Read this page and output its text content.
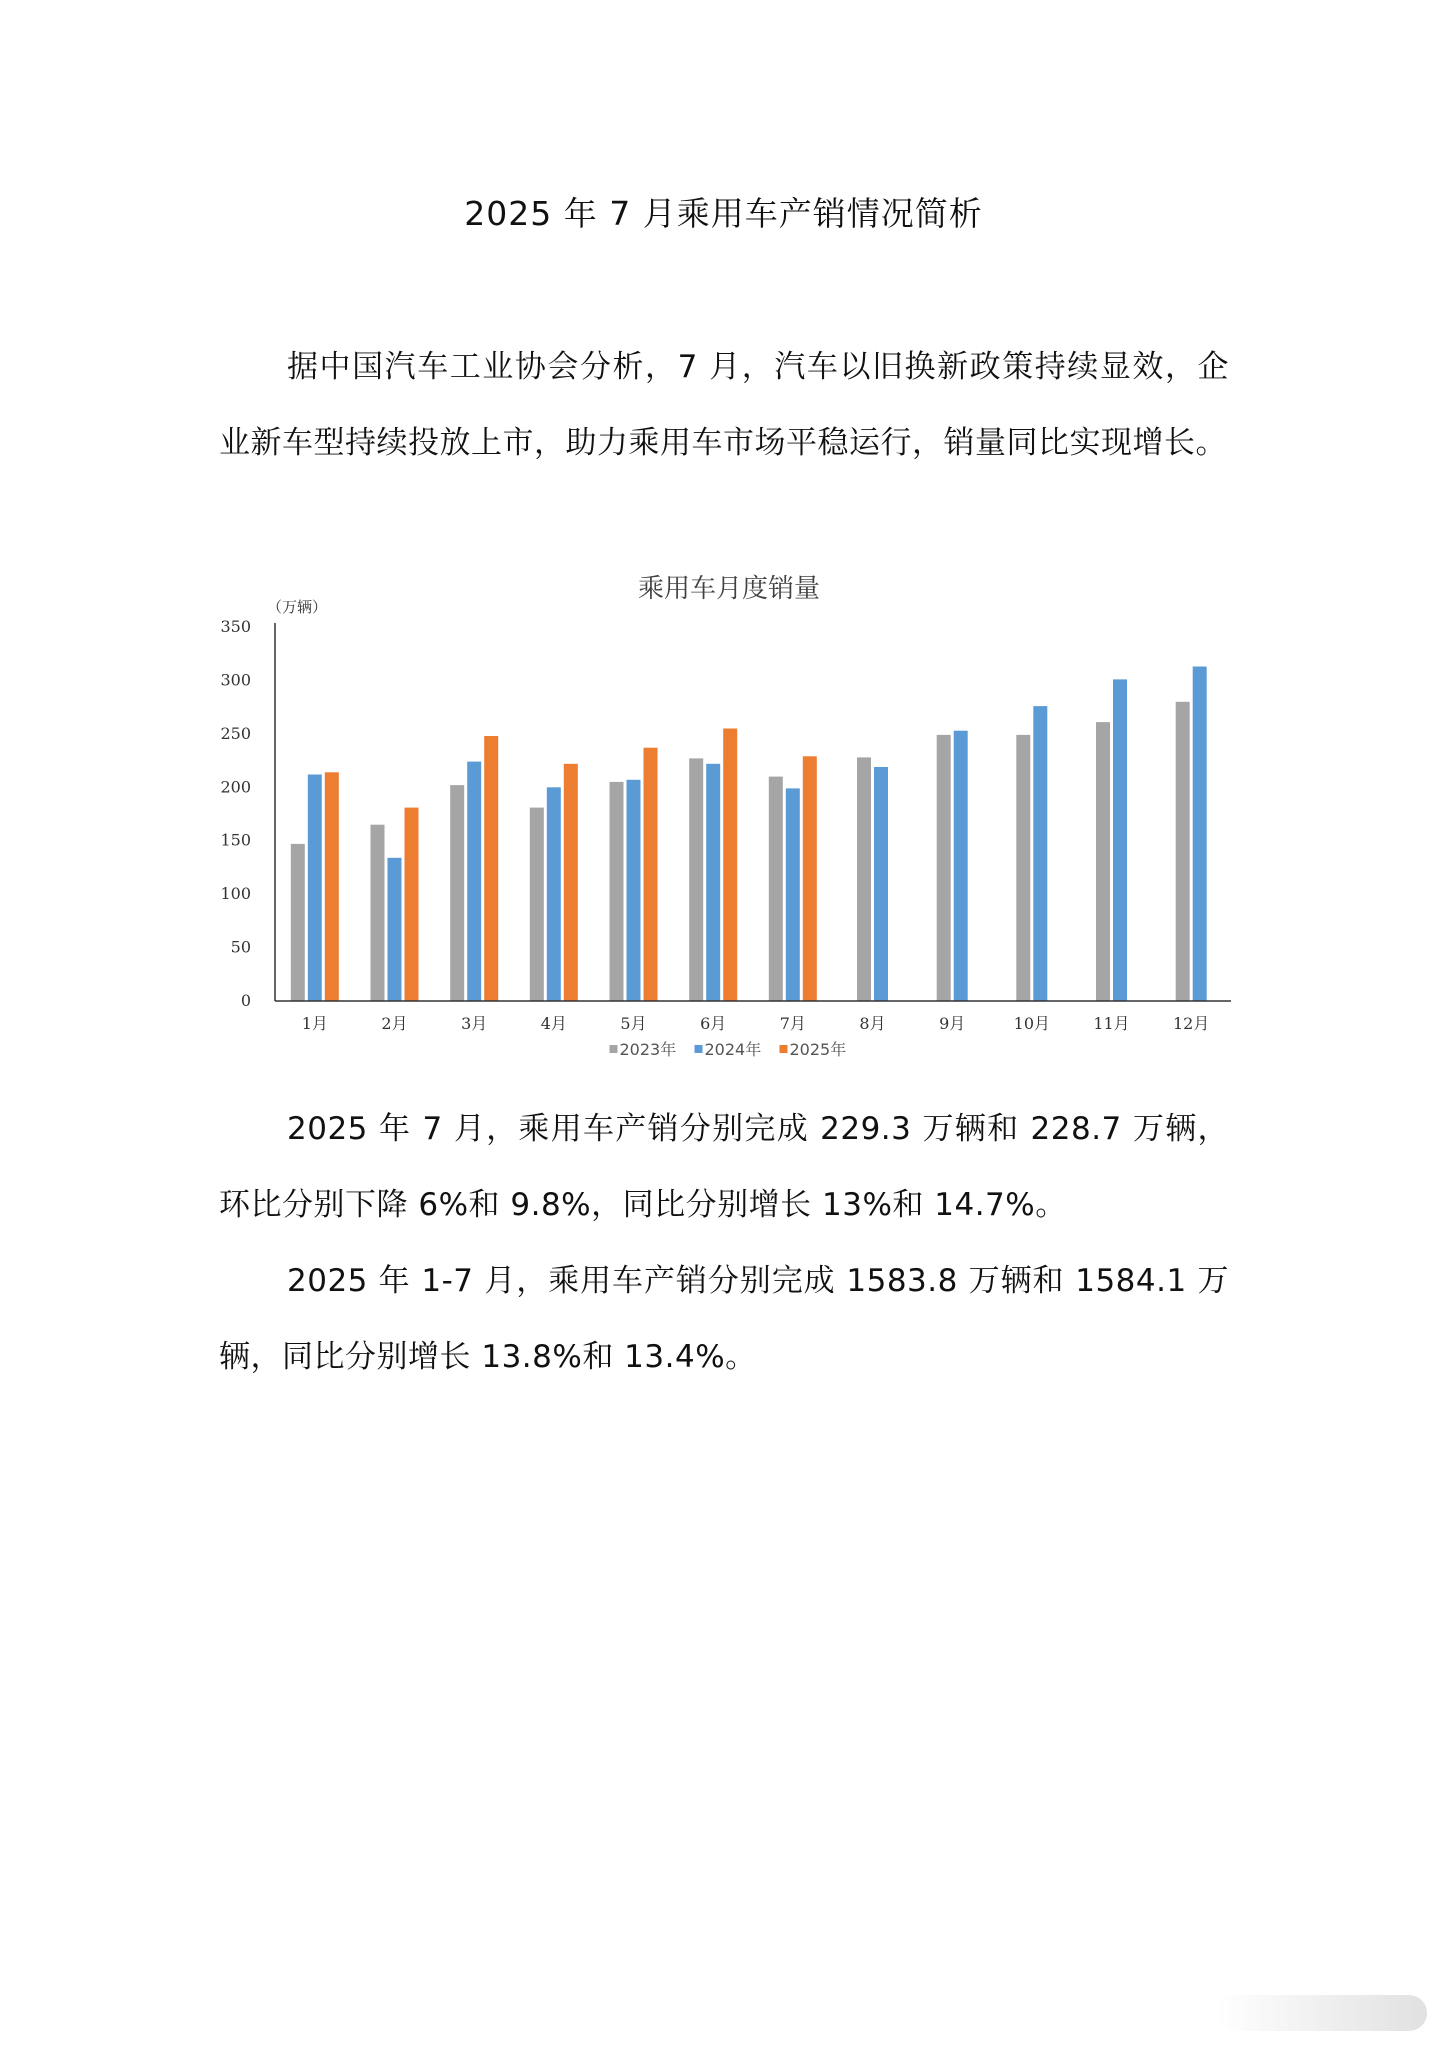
2025 年 7 月乘用车产销情况简析

据中国汽车工业协会分析，7 月，汽车以旧换新政策持续显效，企业新车型持续投放上市，助力乘用车市场平稳运行，销量同比实现增长。

乘用车月度销量
（万辆）
0
50
100
150
200
250
300
350
1月	2月	3月	4月	5月	6月	7月	8月	9月	10月	11月	12月
2023年 2024年 2025年

2025 年 7 月，乘用车产销分别完成 229.3 万辆和 228.7 万辆，环比分别下降 6%和 9.8%，同比分别增长 13%和 14.7%。

2025 年 1-7 月，乘用车产销分别完成 1583.8 万辆和 1584.1 万辆，同比分别增长 13.8%和 13.4%。
